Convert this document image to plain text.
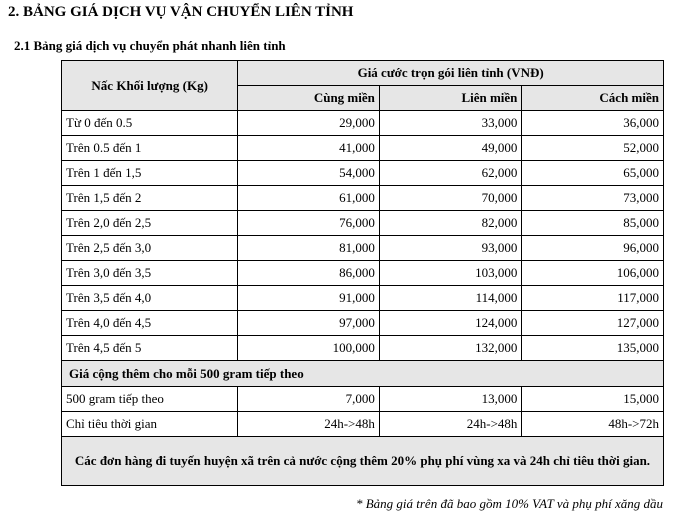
2. BẢNG GIÁ DỊCH VỤ VẬN CHUYỂN LIÊN TỈNH
2.1 Bảng giá dịch vụ chuyển phát nhanh liên tỉnh
Nấc Khối lượng (Kg)	Giá cước trọn gói liên tỉnh (VNĐ)		
	Cùng miền	Liên miền	Cách miền
Từ 0 đến 0.5	29,000	33,000	36,000
Trên 0.5 đến 1	41,000	49,000	52,000
Trên 1 đến 1,5	54,000	62,000	65,000
Trên 1,5 đến 2	61,000	70,000	73,000
Trên 2,0 đến 2,5	76,000	82,000	85,000
Trên 2,5 đến 3,0	81,000	93,000	96,000
Trên 3,0 đến 3,5	86,000	103,000	106,000
Trên 3,5 đến 4,0	91,000	114,000	117,000
Trên 4,0 đến 4,5	97,000	124,000	127,000
Trên 4,5 đến 5	100,000	132,000	135,000
Giá cộng thêm cho mỗi 500 gram tiếp theo			
500 gram tiếp theo	7,000	13,000	15,000
Chỉ tiêu thời gian	24h->48h	24h->48h	48h->72h
Các đơn hàng đi tuyến huyện xã trên cả nước cộng thêm 20% phụ phí vùng xa và 24h chỉ tiêu thời gian.			
* Bảng giá trên đã bao gồm 10% VAT và phụ phí xăng dầu
